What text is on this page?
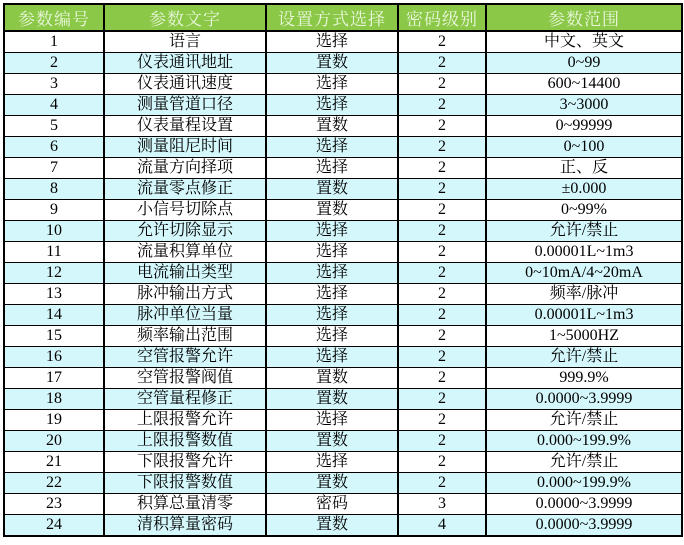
参数编号	参数文字	设置方式选择	密码级别	参数范围
1	语言	选择	2	中文、英文
2	仪表通讯地址	置数	2	0~99
3	仪表通讯速度	选择	2	600~14400
4	测量管道口径	选择	2	3~3000
5	仪表量程设置	置数	2	0~99999
6	测量阻尼时间	选择	2	0~100
7	流量方向择项	选择	2	正、反
8	流量零点修正	置数	2	±0.000
9	小信号切除点	置数	2	0~99%
10	允许切除显示	选择	2	允许/禁止
11	流量积算单位	选择	2	0.00001L~1m3
12	电流输出类型	选择	2	0~10mA/4~20mA
13	脉冲输出方式	选择	2	频率/脉冲
14	脉冲单位当量	选择	2	0.00001L~1m3
15	频率输出范围	选择	2	1~5000HZ
16	空管报警允许	选择	2	允许/禁止
17	空管报警阀值	置数	2	999.9%
18	空管量程修正	置数	2	0.0000~3.9999
19	上限报警允许	选择	2	允许/禁止
20	上限报警数值	置数	2	0.000~199.9%
21	下限报警允许	选择	2	允许/禁止
22	下限报警数值	置数	2	0.000~199.9%
23	积算总量清零	密码	3	0.0000~3.9999
24	清积算量密码	置数	4	0.0000~3.9999
